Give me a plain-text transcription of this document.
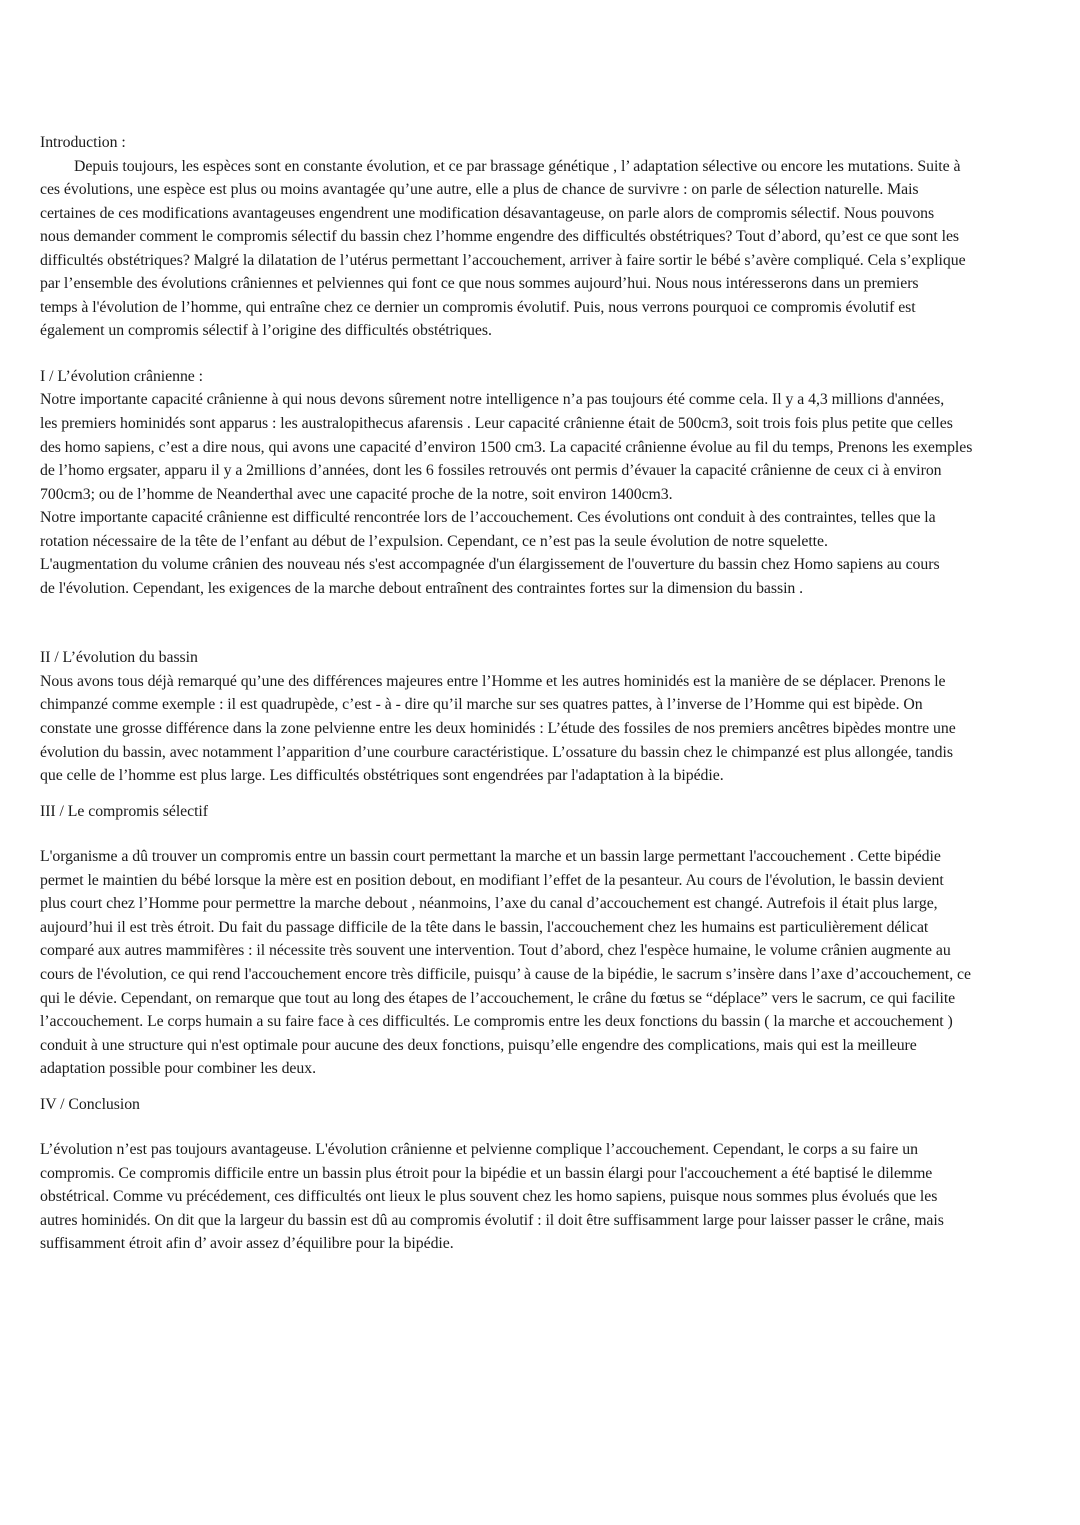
Introduction :
Depuis toujours, les espèces sont en constante évolution, et ce par brassage génétique , l’ adaptation sélective ou encore les mutations. Suite à
ces évolutions, une espèce est plus ou moins avantagée qu’une autre, elle a plus de chance de survivre : on parle de sélection naturelle. Mais
certaines de ces modifications avantageuses engendrent une modification désavantageuse, on parle alors de compromis sélectif. Nous pouvons
nous demander comment le compromis sélectif du bassin chez l’homme engendre des difficultés obstétriques? Tout d’abord, qu’est ce que sont les
difficultés obstétriques? Malgré la dilatation de l’utérus permettant l’accouchement, arriver à faire sortir le bébé s’avère compliqué. Cela s’explique
par l’ensemble des évolutions crâniennes et pelviennes qui font ce que nous sommes aujourd’hui. Nous nous intéresserons dans un premiers
temps à l'évolution de l’homme, qui entraîne chez ce dernier un compromis évolutif. Puis, nous verrons pourquoi ce compromis évolutif est
également un compromis sélectif à l’origine des difficultés obstétriques.
I / L’évolution crânienne :
Notre importante capacité crânienne à qui nous devons sûrement notre intelligence n’a pas toujours été comme cela. Il y a 4,3 millions d'années,
les premiers hominidés sont apparus : les australopithecus afarensis . Leur capacité crânienne était de 500cm3, soit trois fois plus petite que celles
des homo sapiens, c’est a dire nous, qui avons une capacité d’environ 1500 cm3. La capacité crânienne évolue au fil du temps, Prenons les exemples
de l’homo ergsater, apparu il y a 2millions d’années, dont les 6 fossiles retrouvés ont permis d’évauer la capacité crânienne de ceux ci à environ
700cm3; ou de l’homme de Neanderthal avec une capacité proche de la notre, soit environ 1400cm3.
Notre importante capacité crânienne est difficulté rencontrée lors de l’accouchement. Ces évolutions ont conduit à des contraintes, telles que la
rotation nécessaire de la tête de l’enfant au début de l’expulsion. Cependant, ce n’est pas la seule évolution de notre squelette.
L'augmentation du volume crânien des nouveau nés s'est accompagnée d'un élargissement de l'ouverture du bassin chez Homo sapiens au cours
de l'évolution. Cependant, les exigences de la marche debout entraînent des contraintes fortes sur la dimension du bassin .
II / L’évolution du bassin
Nous avons tous déjà remarqué qu’une des différences majeures entre l’Homme et les autres hominidés est la manière de se déplacer. Prenons le
chimpanzé comme exemple : il est quadrupède, c’est - à - dire qu’il marche sur ses quatres pattes, à l’inverse de l’Homme qui est bipède. On
constate une grosse différence dans la zone pelvienne entre les deux hominidés : L’étude des fossiles de nos premiers ancêtres bipèdes montre une
évolution du bassin, avec notamment l’apparition d’une courbure caractéristique. L’ossature du bassin chez le chimpanzé est plus allongée, tandis
que celle de l’homme est plus large. Les difficultés obstétriques sont engendrées par l'adaptation à la bipédie.
III / Le compromis sélectif
L'organisme a dû trouver un compromis entre un bassin court permettant la marche et un bassin large permettant l'accouchement . Cette bipédie
permet le maintien du bébé lorsque la mère est en position debout, en modifiant l’effet de la pesanteur. Au cours de l'évolution, le bassin devient
plus court chez l’Homme pour permettre la marche debout , néanmoins, l’axe du canal d’accouchement est changé. Autrefois il était plus large,
aujourd’hui il est très étroit. Du fait du passage difficile de la tête dans le bassin, l'accouchement chez les humains est particulièrement délicat
comparé aux autres mammifères : il nécessite très souvent une intervention. Tout d’abord, chez l'espèce humaine, le volume crânien augmente au
cours de l'évolution, ce qui rend l'accouchement encore très difficile, puisqu’ à cause de la bipédie, le sacrum s’insère dans l’axe d’accouchement, ce
qui le dévie. Cependant, on remarque que tout au long des étapes de l’accouchement, le crâne du fœtus se “déplace” vers le sacrum, ce qui facilite
l’accouchement. Le corps humain a su faire face à ces difficultés. Le compromis entre les deux fonctions du bassin ( la marche et accouchement )
conduit à une structure qui n'est optimale pour aucune des deux fonctions, puisqu’elle engendre des complications, mais qui est la meilleure
adaptation possible pour combiner les deux.
IV / Conclusion
L’évolution n’est pas toujours avantageuse. L'évolution crânienne et pelvienne complique l’accouchement. Cependant, le corps a su faire un
compromis. Ce compromis difficile entre un bassin plus étroit pour la bipédie et un bassin élargi pour l'accouchement a été baptisé le dilemme
obstétrical. Comme vu précédement, ces difficultés ont lieux le plus souvent chez les homo sapiens, puisque nous sommes plus évolués que les
autres hominidés. On dit que la largeur du bassin est dû au compromis évolutif : il doit être suffisamment large pour laisser passer le crâne, mais
suffisamment étroit afin d’ avoir assez d’équilibre pour la bipédie.
